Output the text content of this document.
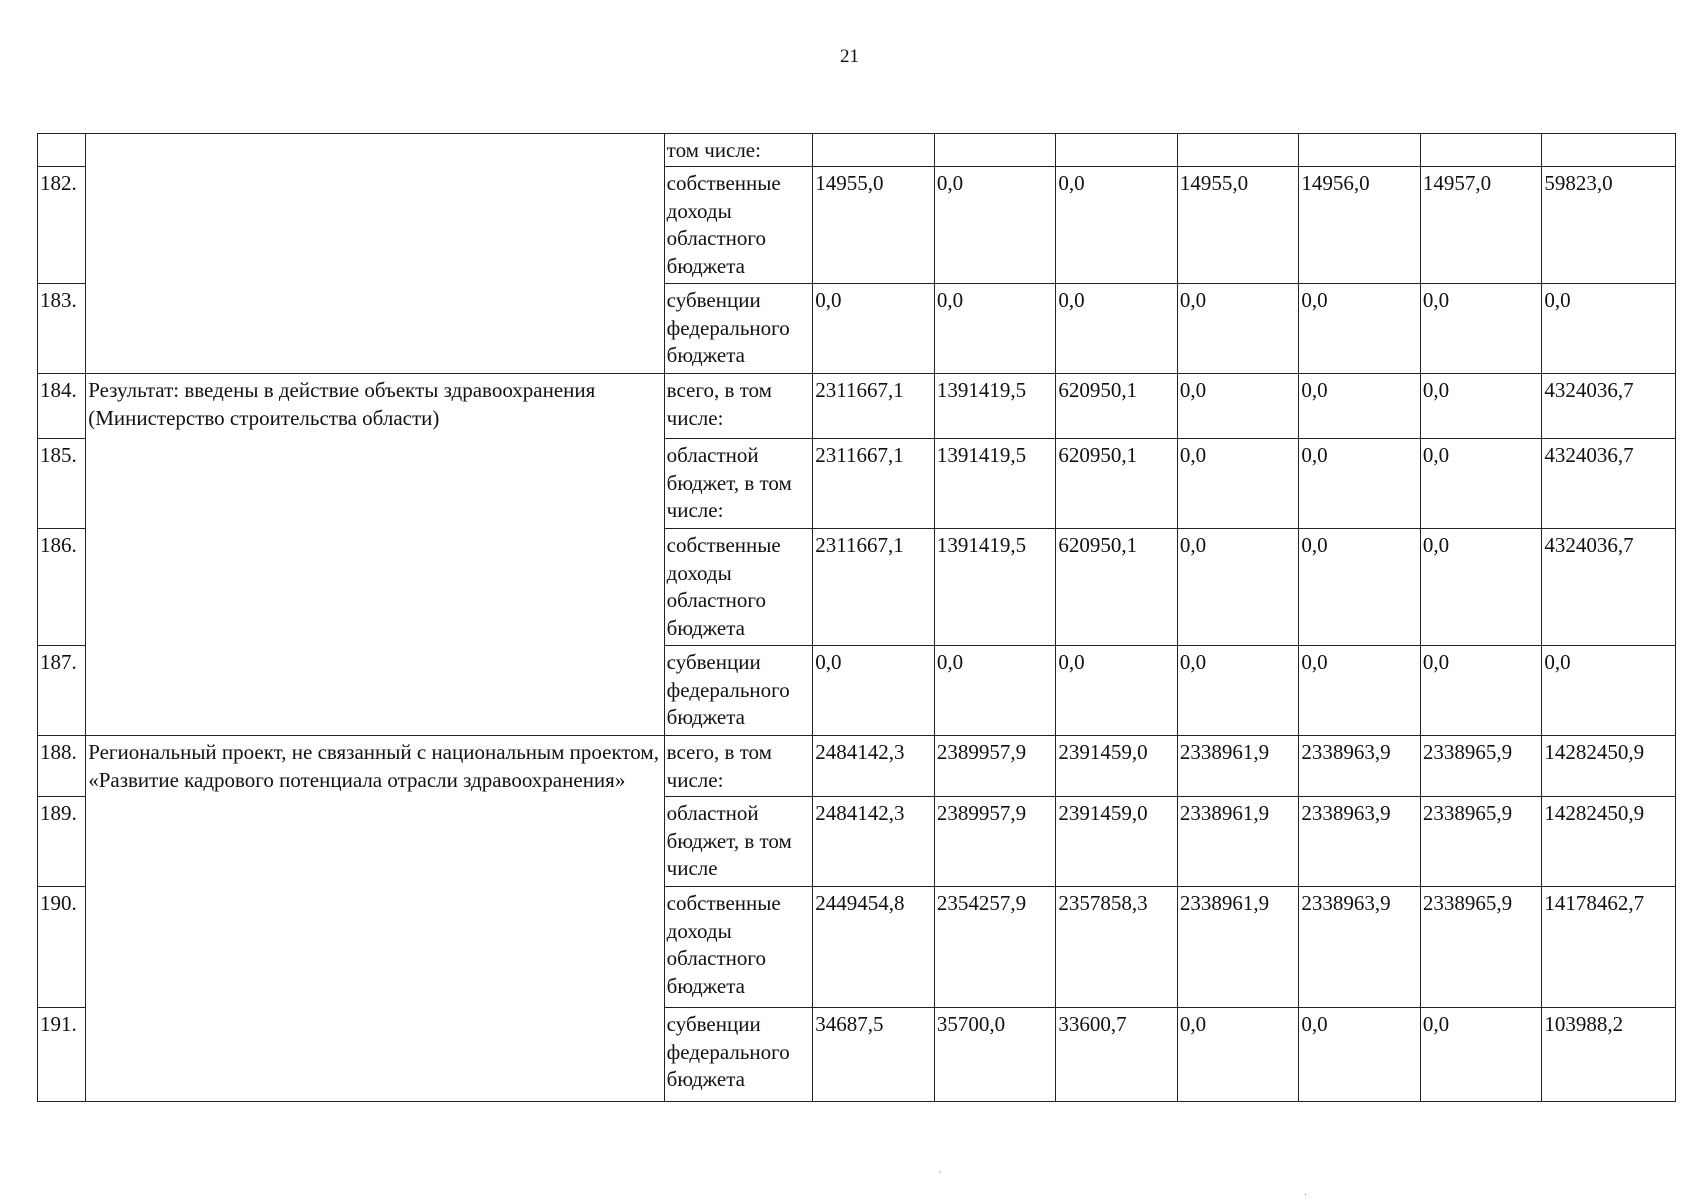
21
		том числе:							
182.		собственные доходы областного бюджета	14955,0	0,0	0,0	14955,0	14956,0	14957,0	59823,0
183.		субвенции федерального бюджета	0,0	0,0	0,0	0,0	0,0	0,0	0,0
184.	Результат: введены в действие объекты здравоохранения (Министерство строительства области)	всего, в том числе:	2311667,1	1391419,5	620950,1	0,0	0,0	0,0	4324036,7
185.		областной бюджет, в том числе:	2311667,1	1391419,5	620950,1	0,0	0,0	0,0	4324036,7
186.		собственные доходы областного бюджета	2311667,1	1391419,5	620950,1	0,0	0,0	0,0	4324036,7
187.		субвенции федерального бюджета	0,0	0,0	0,0	0,0	0,0	0,0	0,0
188.	Региональный проект, не связанный с национальным проектом, «Развитие кадрового потенциала отрасли здравоохранения»	всего, в том числе:	2484142,3	2389957,9	2391459,0	2338961,9	2338963,9	2338965,9	14282450,9
189.		областной бюджет, в том числе	2484142,3	2389957,9	2391459,0	2338961,9	2338963,9	2338965,9	14282450,9
190.		собственные доходы областного бюджета	2449454,8	2354257,9	2357858,3	2338961,9	2338963,9	2338965,9	14178462,7
191.		субвенции федерального бюджета	34687,5	35700,0	33600,7	0,0	0,0	0,0	103988,2
·
·
